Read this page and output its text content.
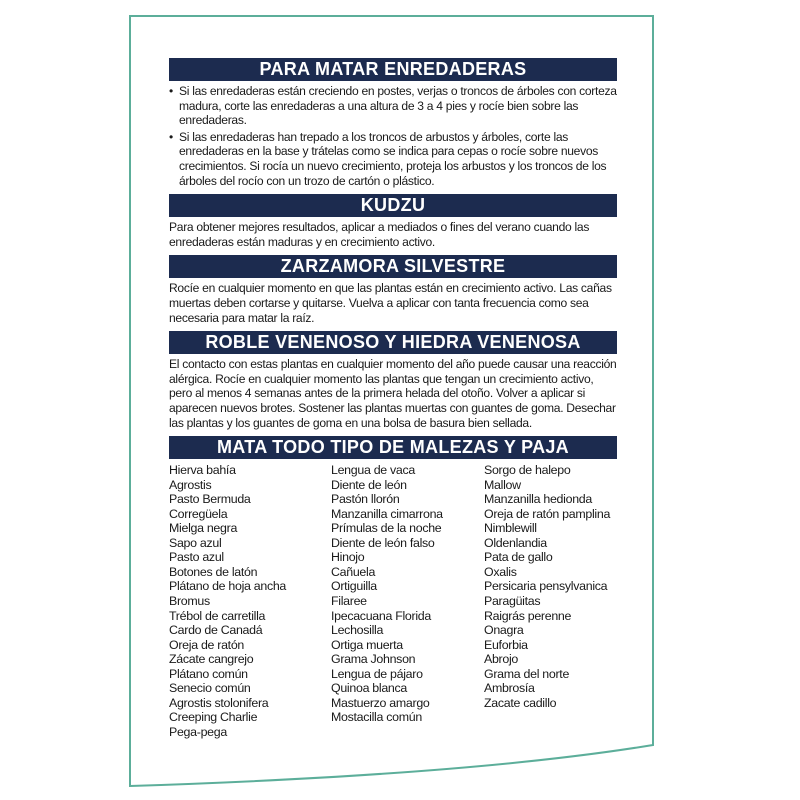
PARA MATAR ENREDADERAS
• Si las enredaderas están creciendo en postes, verjas o troncos de árboles con corteza madura, corte las enredaderas a una altura de 3 a 4 pies y rocíe bien sobre las enredaderas.
• Si las enredaderas han trepado a los troncos de arbustos y árboles, corte las enredaderas en la base y trátelas como se indica para cepas o rocíe sobre nuevos crecimientos. Si rocía un nuevo crecimiento, proteja los arbustos y los troncos de los árboles del rocío con un trozo de cartón o plástico.
KUDZU

Para obtener mejores resultados, aplicar a mediados o fines del verano cuando las enredaderas están maduras y en crecimiento activo.

ZARZAMORA SILVESTRE

Rocíe en cualquier momento en que las plantas están en crecimiento activo. Las cañas muertas deben cortarse y quitarse. Vuelva a aplicar con tanta frecuencia como sea necesaria para matar la raíz.

ROBLE VENENOSO Y HIEDRA VENENOSA

El contacto con estas plantas en cualquier momento del año puede causar una reacción alérgica. Rocíe en cualquier momento las plantas que tengan un crecimiento activo, pero al menos 4 semanas antes de la primera helada del otoño. Volver a aplicar si aparecen nuevos brotes. Sostener las plantas muertas con guantes de goma. Desechar las plantas y los guantes de goma en una bolsa de basura bien sellada.

MATA TODO TIPO DE MALEZAS Y PAJA
Hierva bahía
Agrostis
Pasto Bermuda
Corregüela
Mielga negra
Sapo azul
Pasto azul
Botones de latón
Plátano de hoja ancha
Bromus
Trébol de carretilla
Cardo de Canadá
Oreja de ratón
Zácate cangrejo
Plátano común
Senecio común
Agrostis stolonifera
Creeping Charlie
Pega-pega
Lengua de vaca
Diente de león
Pastón llorón
Manzanilla cimarrona
Prímulas de la noche
Diente de león falso
Hinojo
Cañuela
Ortiguilla
Filaree
Ipecacuana Florida
Lechosilla
Ortiga muerta
Grama Johnson
Lengua de pájaro
Quinoa blanca
Mastuerzo amargo
Mostacilla común
Sorgo de halepo
Mallow
Manzanilla hedionda
Oreja de ratón pamplina
Nimblewill
Oldenlandia
Pata de gallo
Oxalis
Persicaria pensylvanica
Paragüitas
Raigrás perenne
Onagra
Euforbia
Abrojo
Grama del norte
Ambrosía
Zacate cadillo
